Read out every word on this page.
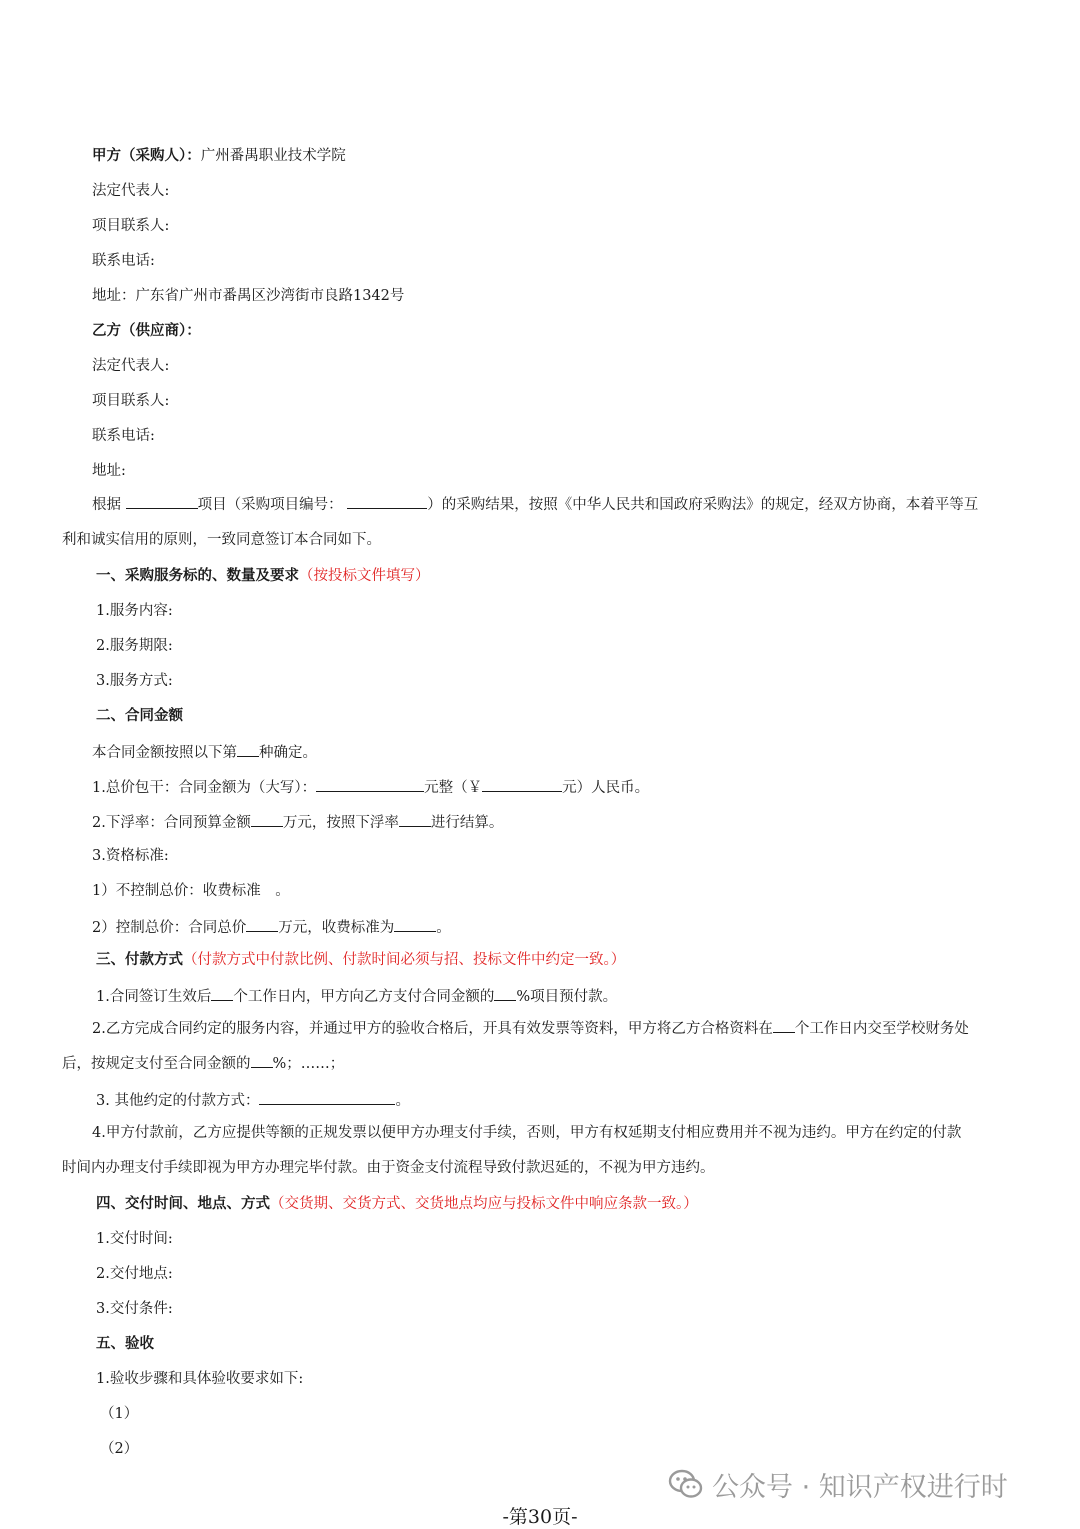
甲方（采购人）：广州番禺职业技术学院
法定代表人:
项目联系人:
联系电话:
地址：广东省广州市番禺区沙湾街市良路1342号
乙方（供应商）：
法定代表人:
项目联系人:
联系电话:
地址:
根据	项目（采购项目编号：	）的采购结果，按照《中华人民共和国政府采购法》的规定，经双方协商，本着平等互
利和诚实信用的原则，一致同意签订本合同如下。
一、采购服务标的、数量及要求（按投标文件填写）
1.服务内容:
2.服务期限:
3.服务方式:
二、合同金额
本合同金额按照以下第 种确定。
1.总价包干：合同金额为（大写）：	元整（￥	元）人民币。
2.下浮率：合同预算金额 万元，按照下浮率 进行结算。
3.资格标准:
1）不控制总价：收费标准　。
2）控制总价：合同总价 万元，收费标准为	。
三、付款方式（付款方式中付款比例、付款时间必须与招、投标文件中约定一致。）
1.合同签订生效后 个工作日内，甲方向乙方支付合同金额的 %项目预付款。
2.乙方完成合同约定的服务内容，并通过甲方的验收合格后，开具有效发票等资料，甲方将乙方合格资料在 个工作日内交至学校财务处
后，按规定支付至合同金额的 %；……；
3. 其他约定的付款方式：	。
4.甲方付款前，乙方应提供等额的正规发票以便甲方办理支付手续，否则，甲方有权延期支付相应费用并不视为违约。甲方在约定的付款
时间内办理支付手续即视为甲方办理完毕付款。由于资金支付流程导致付款迟延的，不视为甲方违约。
四、交付时间、地点、方式（交货期、交货方式、交货地点均应与投标文件中响应条款一致。）
1.交付时间:
2.交付地点:
3.交付条件:
五、验收
1.验收步骤和具体验收要求如下:
（1）
（2）
公众号 · 知识产权进行时
-第30页-
